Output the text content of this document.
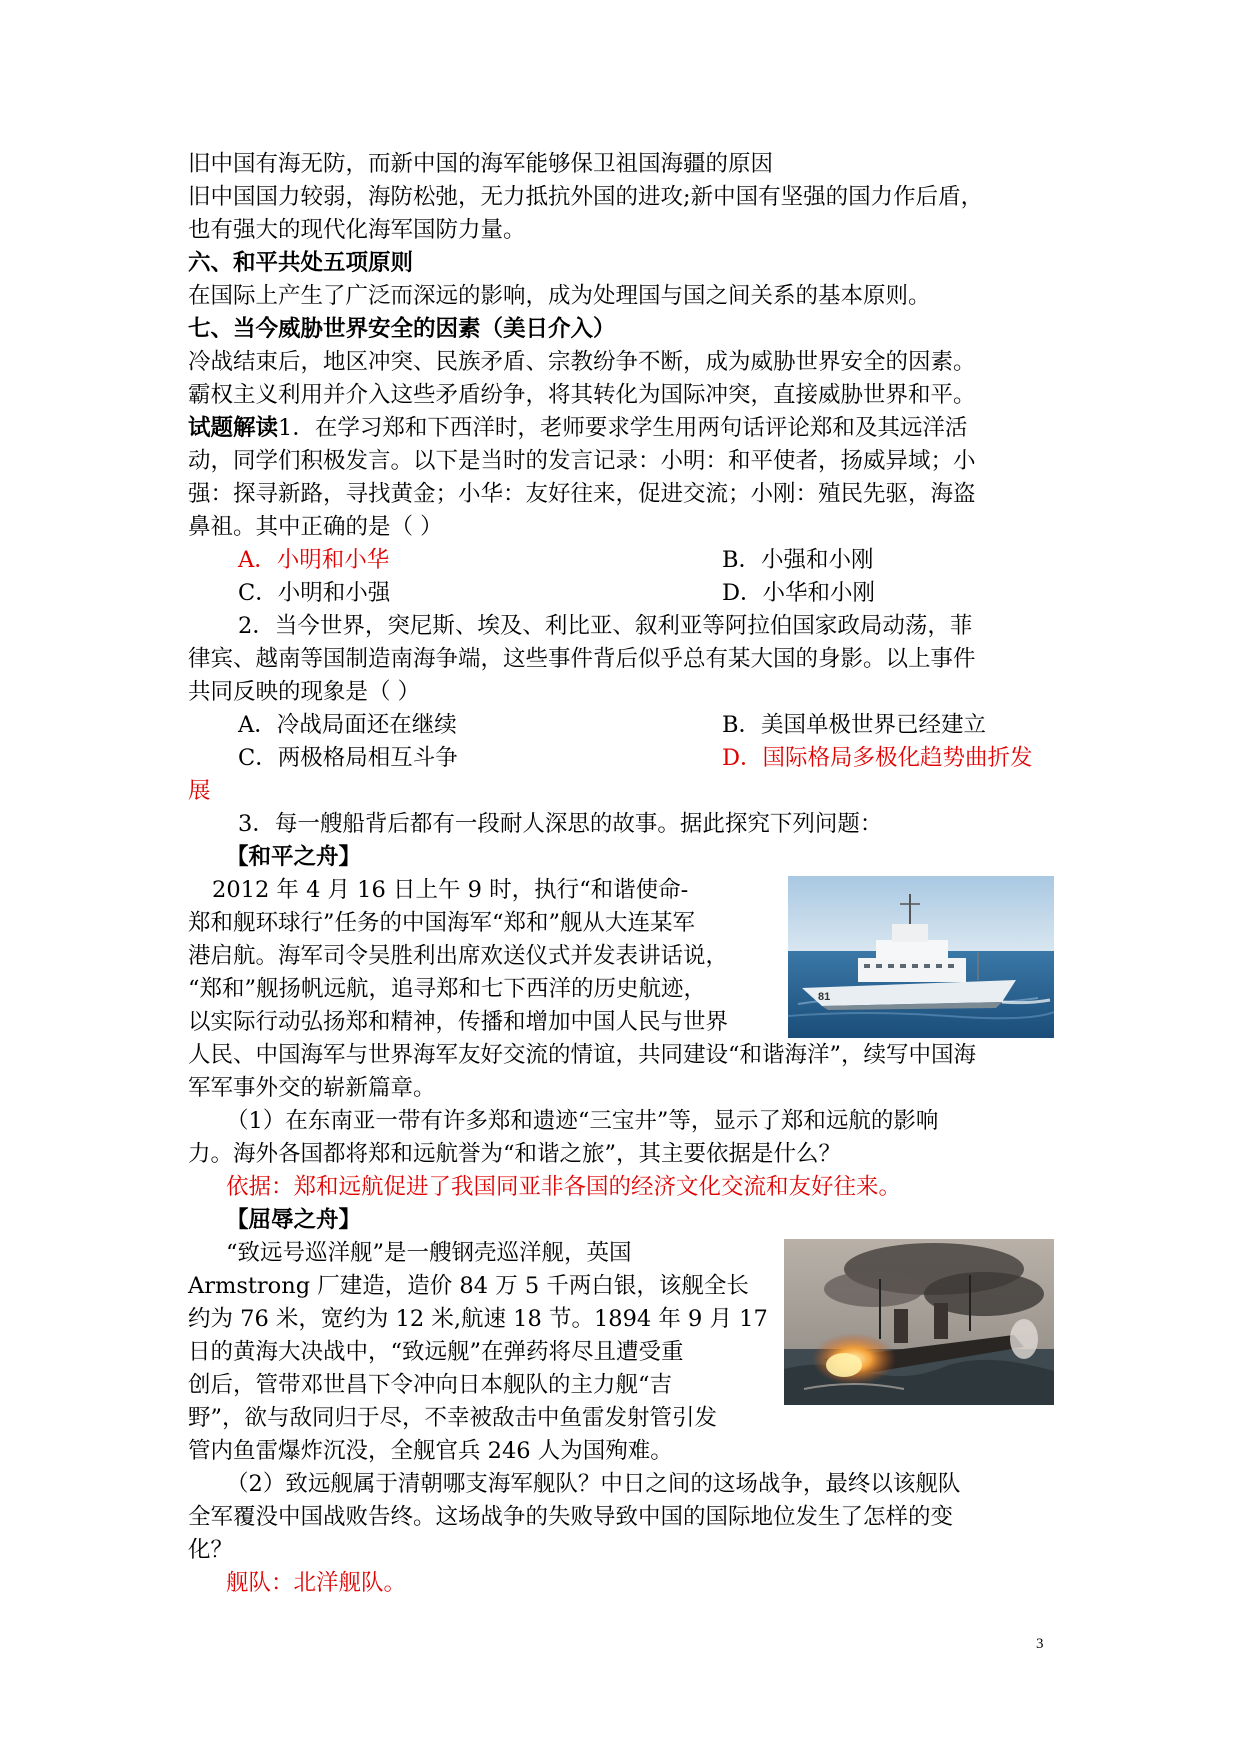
旧中国有海无防，而新中国的海军能够保卫祖国海疆的原因
旧中国国力较弱，海防松弛，无力抵抗外国的进攻;新中国有坚强的国力作后盾，
也有强大的现代化海军国防力量。
六、和平共处五项原则
在国际上产生了广泛而深远的影响，成为处理国与国之间关系的基本原则。
七、当今威胁世界安全的因素（美日介入）
冷战结束后，地区冲突、民族矛盾、宗教纷争不断，成为威胁世界安全的因素。
霸权主义利用并介入这些矛盾纷争，将其转化为国际冲突，直接威胁世界和平。
试题解读1．在学习郑和下西洋时，老师要求学生用两句话评论郑和及其远洋活
动，同学们积极发言。以下是当时的发言记录：小明：和平使者，扬威异域；小
强：探寻新路，寻找黄金；小华：友好往来，促进交流；小刚：殖民先驱，海盗
鼻祖。其中正确的是（ ）
A．小明和小华	B．小强和小刚
C．小明和小强	D．小华和小刚
2．当今世界，突尼斯、埃及、利比亚、叙利亚等阿拉伯国家政局动荡，菲
律宾、越南等国制造南海争端，这些事件背后似乎总有某大国的身影。以上事件
共同反映的现象是（ ）
A．冷战局面还在继续	B．美国单极世界已经建立
C．两极格局相互斗争	D．国际格局多极化趋势曲折发
展
3．每一艘船背后都有一段耐人深思的故事。据此探究下列问题：
【和平之舟】
81
2012 年 4 月 16 日上午 9 时，执行“和谐使命-
郑和舰环球行”任务的中国海军“郑和”舰从大连某军
港启航。海军司令吴胜利出席欢送仪式并发表讲话说，
“郑和”舰扬帆远航，追寻郑和七下西洋的历史航迹，
以实际行动弘扬郑和精神，传播和增加中国人民与世界
人民、中国海军与世界海军友好交流的情谊，共同建设“和谐海洋”，续写中国海
军军事外交的崭新篇章。
（1）在东南亚一带有许多郑和遗迹“三宝井”等，显示了郑和远航的影响
力。海外各国都将郑和远航誉为“和谐之旅”，其主要依据是什么？
依据：郑和远航促进了我国同亚非各国的经济文化交流和友好往来。
【屈辱之舟】
“致远号巡洋舰”是一艘钢壳巡洋舰，英国
Armstrong 厂建造，造价 84 万 5 千两白银，该舰全长
约为 76 米，宽约为 12 米,航速 18 节。1894 年 9 月 17
日的黄海大决战中，“致远舰”在弹药将尽且遭受重
创后，管带邓世昌下令冲向日本舰队的主力舰“吉
野”，欲与敌同归于尽，不幸被敌击中鱼雷发射管引发
管内鱼雷爆炸沉没，全舰官兵 246 人为国殉难。
（2）致远舰属于清朝哪支海军舰队？中日之间的这场战争，最终以该舰队
全军覆没中国战败告终。这场战争的失败导致中国的国际地位发生了怎样的变
化？
舰队：北洋舰队。
3
